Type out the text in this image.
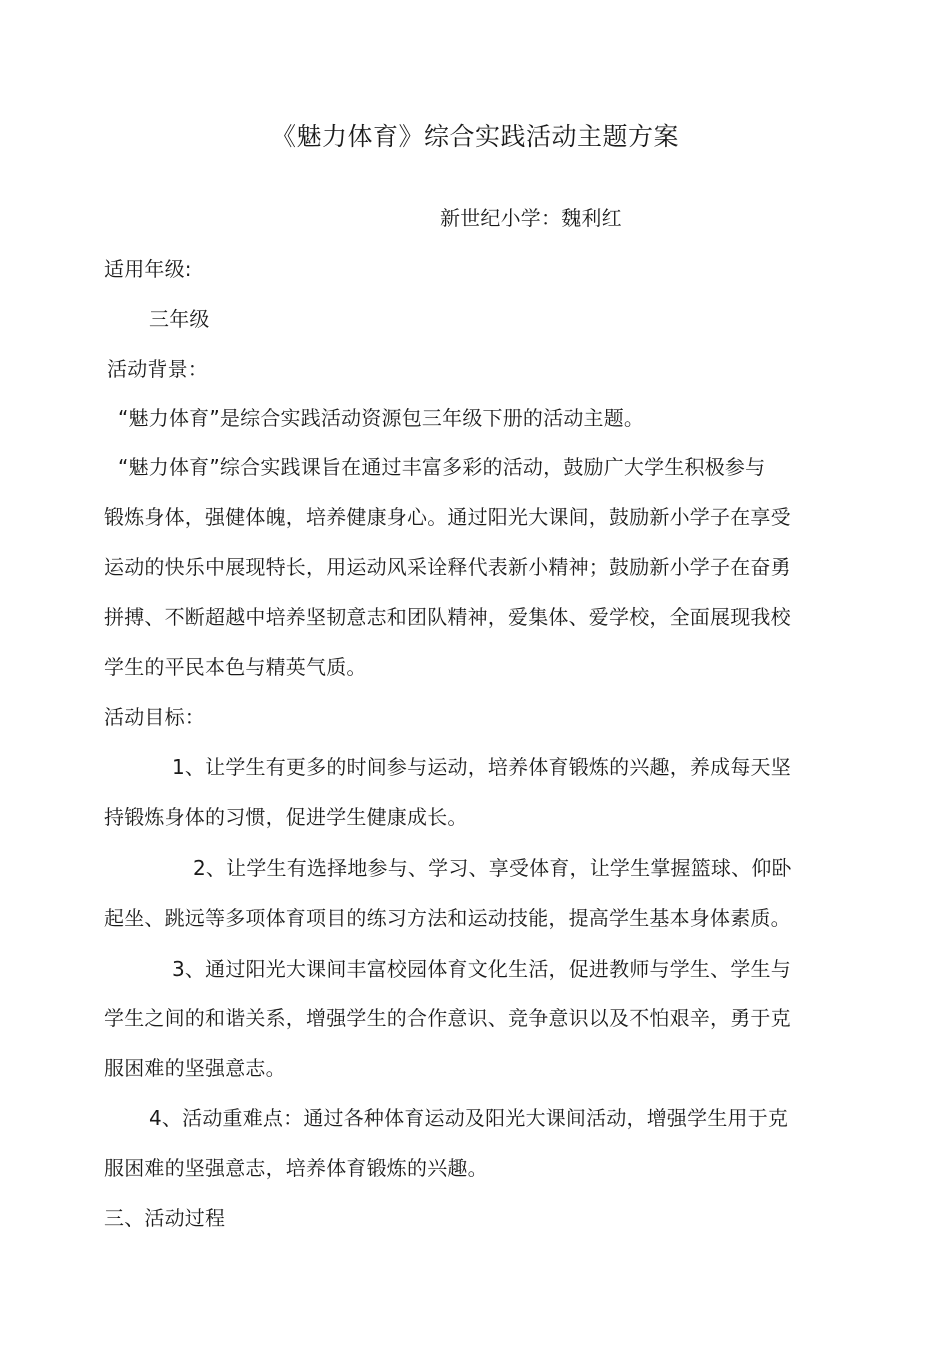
《魅力体育》综合实践活动主题方案
新世纪小学：魏利红
适用年级:
三年级
活动背景：
“魅力体育”是综合实践活动资源包三年级下册的活动主题。
“魅力体育”综合实践课旨在通过丰富多彩的活动，鼓励广大学生积极参与
锻炼身体，强健体魄，培养健康身心。通过阳光大课间，鼓励新小学子在享受
运动的快乐中展现特长，用运动风采诠释代表新小精神；鼓励新小学子在奋勇
拼搏、不断超越中培养坚韧意志和团队精神，爱集体、爱学校，全面展现我校
学生的平民本色与精英气质。
活动目标：
1、让学生有更多的时间参与运动，培养体育锻炼的兴趣，养成每天坚
持锻炼身体的习惯，促进学生健康成长。
2、让学生有选择地参与、学习、享受体育，让学生掌握篮球、仰卧
起坐、跳远等多项体育项目的练习方法和运动技能，提高学生基本身体素质。
3、通过阳光大课间丰富校园体育文化生活，促进教师与学生、学生与
学生之间的和谐关系，增强学生的合作意识、竞争意识以及不怕艰辛，勇于克
服困难的坚强意志。
4、活动重难点：通过各种体育运动及阳光大课间活动，增强学生用于克
服困难的坚强意志，培养体育锻炼的兴趣。
三、活动过程
